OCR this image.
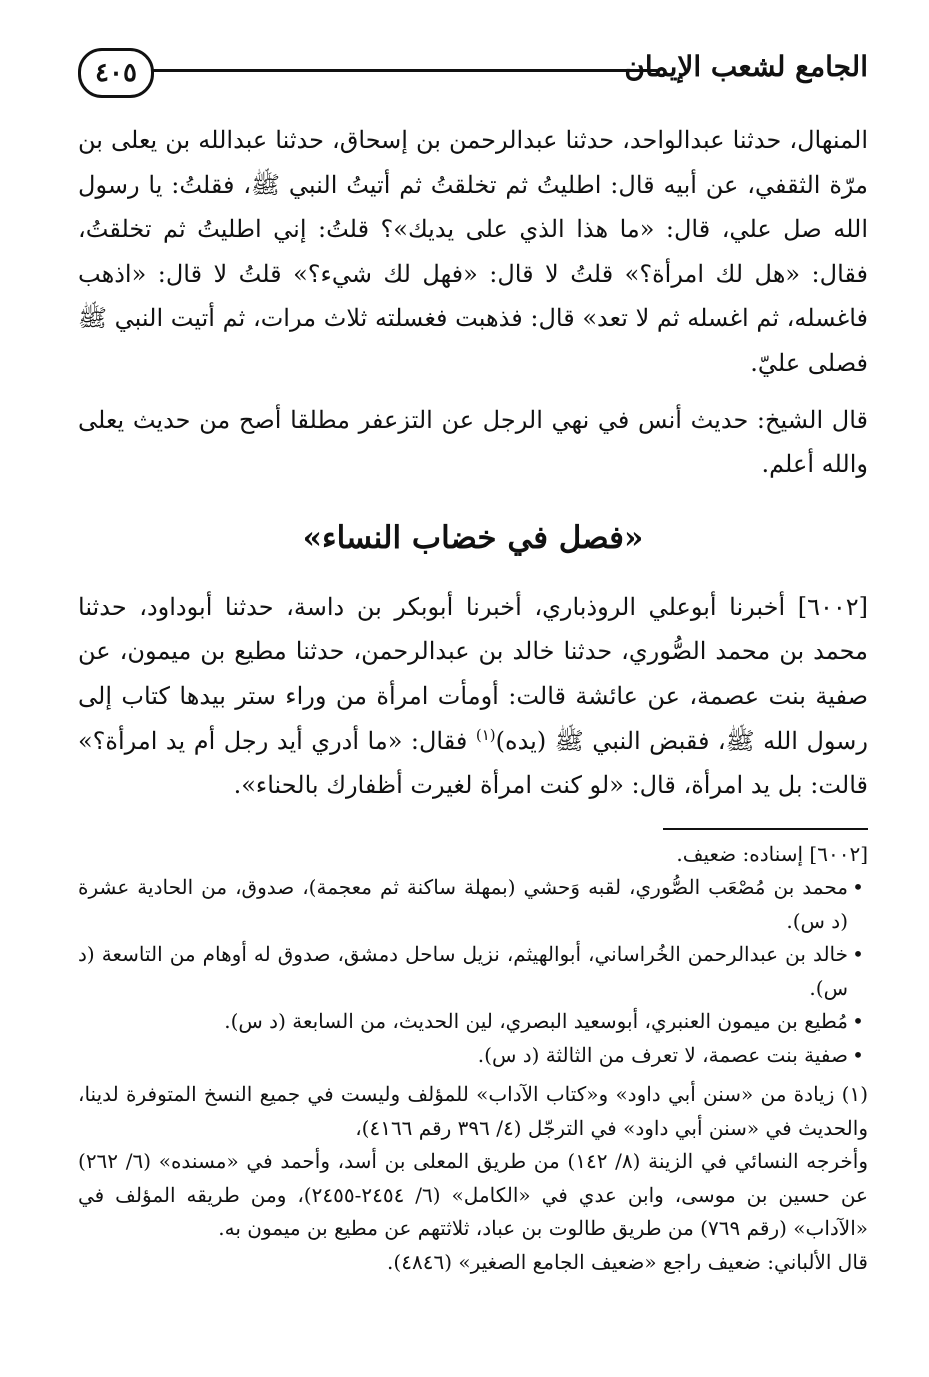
٤٠٥	الجامع لشعب الإيمان

المنهال، حدثنا عبدالواحد، حدثنا عبدالرحمن بن إسحاق، حدثنا عبدالله بن يعلى بن مرّة الثقفي، عن أبيه قال: اطليتُ ثم تخلقتُ ثم أتيتُ النبي ﷺ، فقلتُ: يا رسول الله صل علي، قال: «ما هذا الذي على يديك»؟ قلتُ: إني اطليتُ ثم تخلقتُ، فقال: «هل لك امرأة؟» قلتُ لا قال: «فهل لك شيء؟» قلتُ لا قال: «اذهب فاغسله، ثم اغسله ثم لا تعد» قال: فذهبت فغسلته ثلاث مرات، ثم أتيت النبي ﷺ فصلى عليّ.

قال الشيخ: حديث أنس في نهي الرجل عن التزعفر مطلقا أصح من حديث يعلى والله أعلم.

«فصل في خضاب النساء»

[٦٠٠٢] أخبرنا أبوعلي الروذباري، أخبرنا أبوبكر بن داسة، حدثنا أبوداود، حدثنا محمد بن محمد الصُّوري، حدثنا خالد بن عبدالرحمن، حدثنا مطيع بن ميمون، عن صفية بنت عصمة، عن عائشة قالت: أومأت امرأة من وراء ستر بيدها كتاب إلى رسول الله ﷺ، فقبض النبي ﷺ (يده)$^{(١)}$ فقال: «ما أدري أيد رجل أم يد امرأة؟» قالت: بل يد امرأة، قال: «لو كنت امرأة لغيرت أظفارك بالحناء».

[٦٠٠٢] إسناده: ضعيف.
•
محمد بن مُصْعَب الصُّوري، لقبه وَحشي (بمهلة ساكنة ثم معجمة)، صدوق، من الحادية عشرة (د س).
•
خالد بن عبدالرحمن الخُراساني، أبوالهيثم، نزيل ساحل دمشق، صدوق له أوهام من التاسعة (د س).
•
مُطيع بن ميمون العنبري، أبوسعيد البصري، لين الحديث، من السابعة (د س).
•
صفية بنت عصمة، لا تعرف من الثالثة (د س).
(١) زيادة من «سنن أبي داود» و«كتاب الآداب» للمؤلف وليست في جميع النسخ المتوفرة لدينا، والحديث في «سنن أبي داود» في الترجّل (٤/ ٣٩٦ رقم ٤١٦٦)،
وأخرجه النسائي في الزينة (٨/ ١٤٢) من طريق المعلى بن أسد، وأحمد في «مسنده» (٦/ ٢٦٢) عن حسين بن موسى، وابن عدي في «الكامل» (٦/ ٢٤٥٤-٢٤٥٥)، ومن طريقه المؤلف في «الآداب» (رقم ٧٦٩) من طريق طالوت بن عباد، ثلاثتهم عن مطيع بن ميمون به.
قال الألباني: ضعيف راجع «ضعيف الجامع الصغير» (٤٨٤٦).
